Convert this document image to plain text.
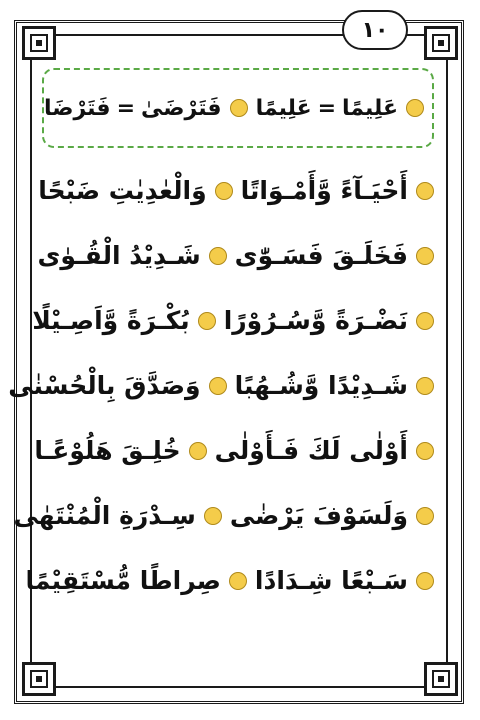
١٠
عَلِيمًا
=
عَلِيمًا
فَتَرْضَىٰ
=
فَتَرْضَا
أَحْيَـآءً وَّأَمْـوَاتًا
وَالْعٰدِيٰتِ ضَبْحًا
فَخَلَـقَ فَسَـوّٰى
شَـدِيْدُ الْقُـوٰى
نَضْـرَةً وَّسُـرُوْرًا
بُكْـرَةً وَّاَصِـيْلًا
شَـدِيْدًا وَّشُـهُبًا
وَصَدَّقَ بِالْحُسْنٰى
أَوْلٰى لَكَ فَـأَوْلٰى
خُلِـقَ هَلُوْعًـا
وَلَسَوْفَ يَرْضٰى
سِـدْرَةِ الْمُنْتَهٰى
سَـبْعًا شِـدَادًا
صِراطًا مُّسْتَقِيْمًا
